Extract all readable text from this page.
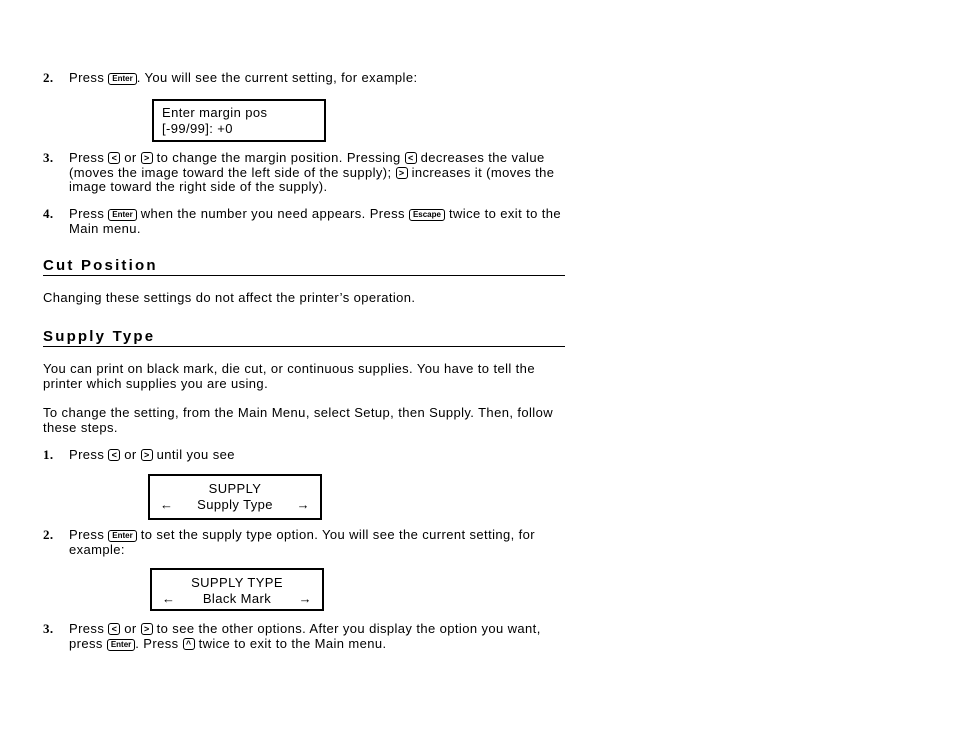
2. Press Enter . You will see the current setting, for example:
Enter margin pos
[-99/99]: +0
3. Press < or > to change the margin position. Pressing < decreases the value (moves the image toward the left side of the supply); > increases it (moves the image toward the right side of the supply).
4. Press Enter when the number you need appears. Press Escape twice to exit to the Main menu.
Cut Position
Changing these settings do not affect the printer’s operation.
Supply Type
You can print on black mark, die cut, or continuous supplies. You have to tell the printer which supplies you are using.
To change the setting, from the Main Menu, select Setup, then Supply. Then, follow these steps.
1. Press < or > until you see
SUPPLY
← Supply Type →
2. Press Enter to set the supply type option. You will see the current setting, for example:
SUPPLY TYPE
← Black Mark →
3. Press < or > to see the other options. After you display the option you want, press Enter . Press ^ twice to exit to the Main menu.
